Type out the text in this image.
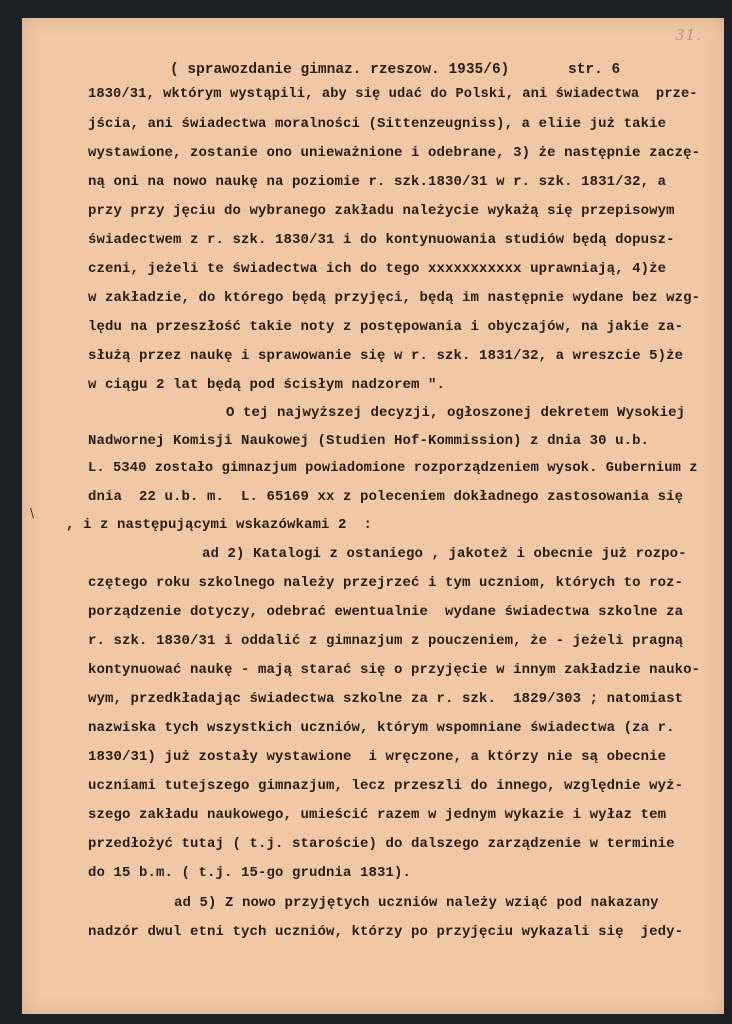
31.
( sprawozdanie gimnaz. rzeszow. 1935/6)	str. 6
\
1830/31, wktórym wystąpili, aby się udać do Polski, ani świadectwa  prze-
jścia, ani świadectwa moralności (Sittenzeugniss), a eliie już takie
wystawione, zostanie ono unieważnione i odebrane, 3) że następnie zaczę-
ną oni na nowo naukę na poziomie r. szk.1830/31 w r. szk. 1831/32, a
przy przy jęciu do wybranego zakładu należycie wykażą się przepisowym
świadectwem z r. szk. 1830/31 i do kontynuowania studiów będą dopusz-
czeni, jeżeli te świadectwa ich do tego xxxxxxxxxxx uprawniają, 4)że
w zakładzie, do którego będą przyjęci, będą im następnie wydane bez wzg-
lędu na przeszłość takie noty z postępowania i obyczajów, na jakie za-
służą przez naukę i sprawowanie się w r. szk. 1831/32, a wreszcie 5)że
w ciągu 2 lat będą pod ścisłym nadzorem ".
O tej najwyższej decyzji, ogłoszonej dekretem Wysokiej
Nadwornej Komisji Naukowej (Studien Hof-Kommission) z dnia 30 u.b.
L. 5340 zostało gimnazjum powiadomione rozporządzeniem wysok. Gubernium z
dnia  22 u.b. m.  L. 65169 xx z poleceniem dokładnego zastosowania się
, i z następującymi wskazówkami 2  :
ad 2) Katalogi z ostaniego , jakoteż i obecnie już rozpo-
czętego roku szkolnego należy przejrzeć i tym uczniom, których to roz-
porządzenie dotyczy, odebrać ewentualnie  wydane świadectwa szkolne za
r. szk. 1830/31 i oddalić z gimnazjum z pouczeniem, że - jeżeli pragną
kontynuować naukę - mają starać się o przyjęcie w innym zakładzie nauko-
wym, przedkładając świadectwa szkolne za r. szk.  1829/303 ; natomiast
nazwiska tych wszystkich uczniów, którym wspomniane świadectwa (za r.
1830/31) już zostały wystawione  i wręczone, a którzy nie są obecnie
uczniami tutejszego gimnazjum, lecz przeszli do innego, względnie wyż-
szego zakładu naukowego, umieścić razem w jednym wykazie i wyłaz tem
przedłożyć tutaj ( t.j. staroście) do dalszego zarządzenie w terminie
do 15 b.m. ( t.j. 15-go grudnia 1831).
ad 5) Z nowo przyjętych uczniów należy wziąć pod nakazany
nadzór dwul etni tych uczniów, którzy po przyjęciu wykazali się  jedy-
